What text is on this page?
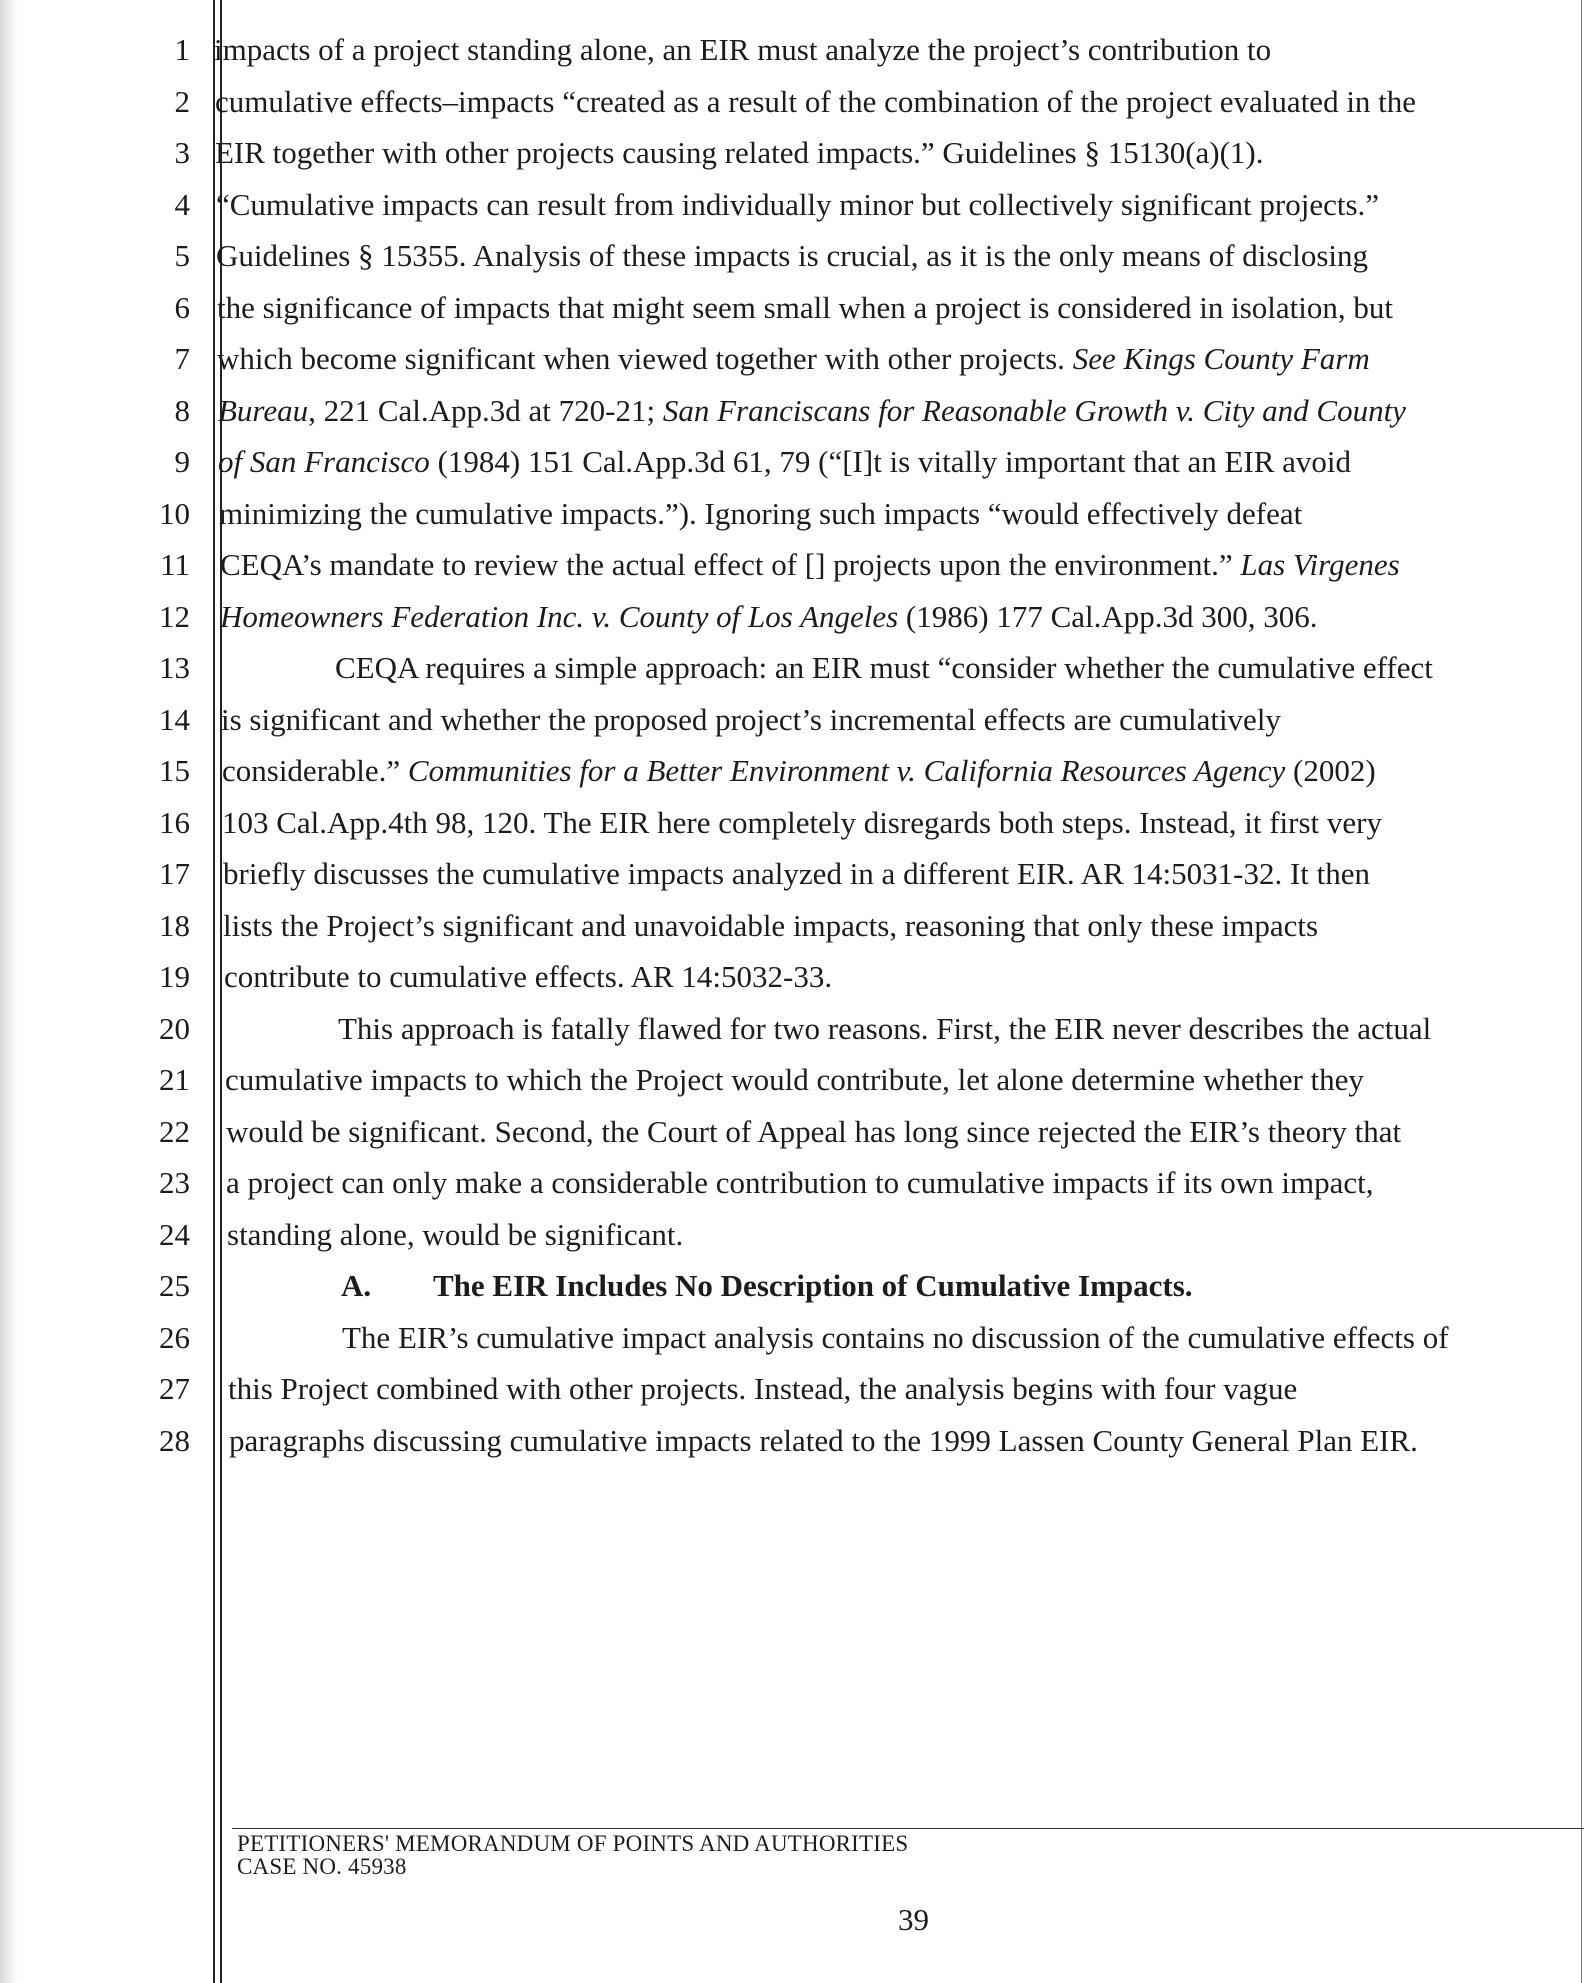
1 impacts of a project standing alone, an EIR must analyze the project’s contribution to
2 cumulative effects–impacts “created as a result of the combination of the project evaluated in the
3 EIR together with other projects causing related impacts.” Guidelines § 15130(a)(1).
4 “Cumulative impacts can result from individually minor but collectively significant projects.”
5 Guidelines § 15355. Analysis of these impacts is crucial, as it is the only means of disclosing
6 the significance of impacts that might seem small when a project is considered in isolation, but
7 which become significant when viewed together with other projects. See Kings County Farm
8 Bureau, 221 Cal.App.3d at 720-21; San Franciscans for Reasonable Growth v. City and County
9 of San Francisco (1984) 151 Cal.App.3d 61, 79 (“[I]t is vitally important that an EIR avoid
10 minimizing the cumulative impacts.”). Ignoring such impacts “would effectively defeat
11 CEQA’s mandate to review the actual effect of [] projects upon the environment.” Las Virgenes
12 Homeowners Federation Inc. v. County of Los Angeles (1986) 177 Cal.App.3d 300, 306.
13	CEQA requires a simple approach: an EIR must “consider whether the cumulative effect
14 is significant and whether the proposed project’s incremental effects are cumulatively
15 considerable.” Communities for a Better Environment v. California Resources Agency (2002)
16 103 Cal.App.4th 98, 120. The EIR here completely disregards both steps. Instead, it first very
17 briefly discusses the cumulative impacts analyzed in a different EIR. AR 14:5031-32. It then
18 lists the Project’s significant and unavoidable impacts, reasoning that only these impacts
19	contribute to cumulative effects. AR 14:5032-33.
20	This approach is fatally flawed for two reasons. First, the EIR never describes the actual
21	cumulative impacts to which the Project would contribute, let alone determine whether they
22	would be significant. Second, the Court of Appeal has long since rejected the EIR’s theory that
23	a project can only make a considerable contribution to cumulative impacts if its own impact,
24	standing alone, would be significant.
25	A. The EIR Includes No Description of Cumulative Impacts.
26	The EIR’s cumulative impact analysis contains no discussion of the cumulative effects of
27	this Project combined with other projects. Instead, the analysis begins with four vague
28	paragraphs discussing cumulative impacts related to the 1999 Lassen County General Plan EIR.
PETITIONERS' MEMORANDUM OF POINTS AND AUTHORITIES
CASE NO. 45938
39
